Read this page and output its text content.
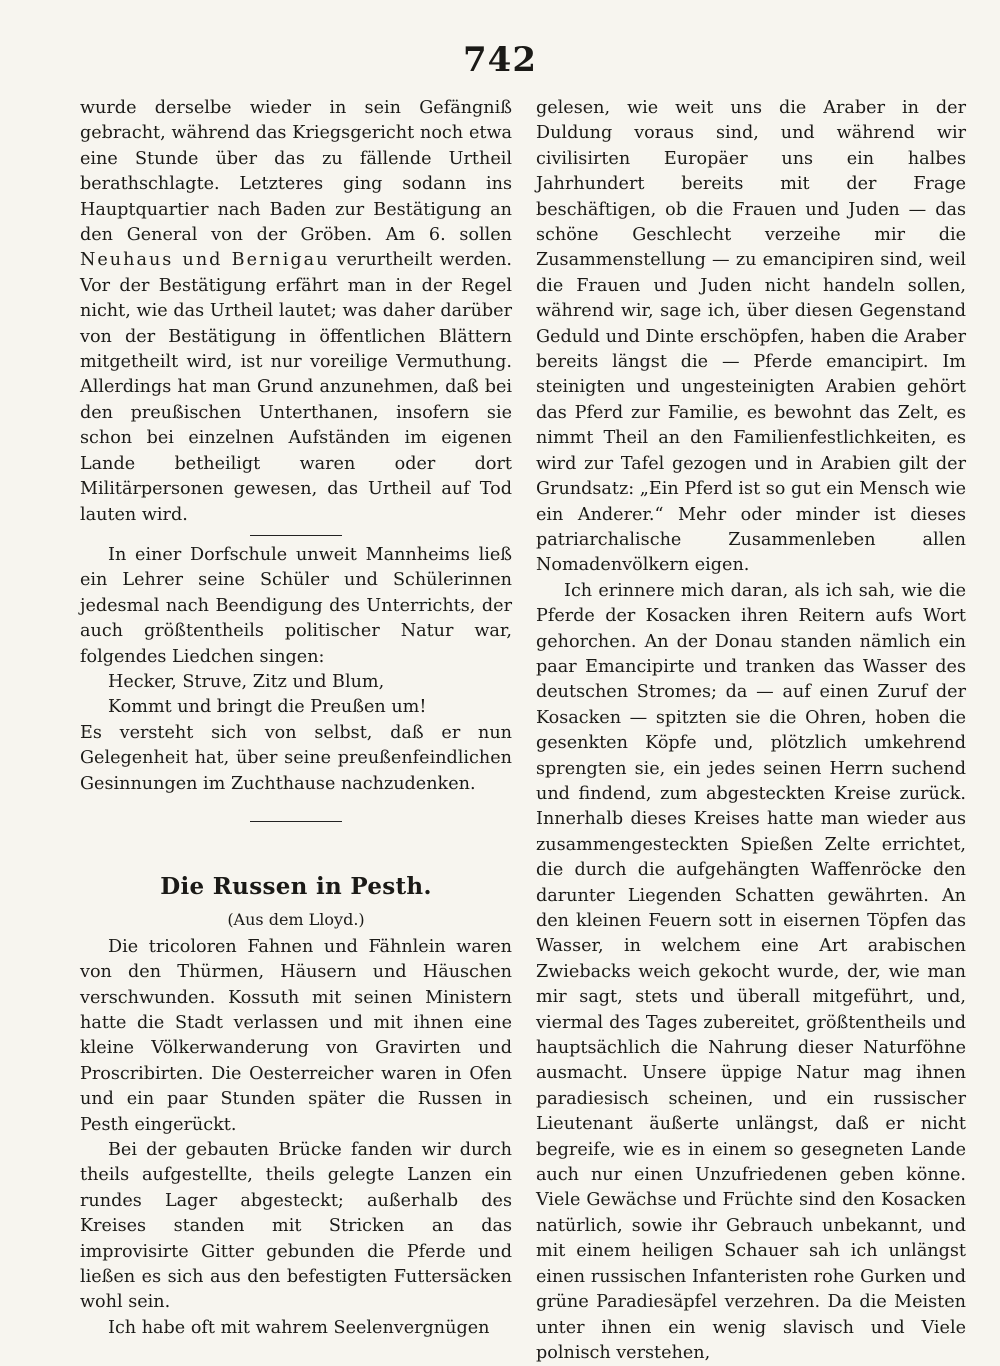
742

wurde derselbe wieder in sein Gefängniß gebracht, während das Kriegsgericht noch etwa eine Stunde über das zu fällende Urtheil berathschlagte. Letzteres ging sodann ins Hauptquartier nach Baden zur Bestätigung an den General von der Gröben. Am 6. sollen Neuhaus und Bernigau verurtheilt werden. Vor der Bestätigung erfährt man in der Regel nicht, wie das Urtheil lautet; was daher darüber von der Bestätigung in öffentlichen Blättern mitgetheilt wird, ist nur voreilige Vermuthung. Allerdings hat man Grund anzunehmen, daß bei den preußischen Unterthanen, insofern sie schon bei einzelnen Aufständen im eigenen Lande betheiligt waren oder dort Militärpersonen gewesen, das Urtheil auf Tod lauten wird.

In einer Dorfschule unweit Mannheims ließ ein Lehrer seine Schüler und Schülerinnen jedesmal nach Beendigung des Unterrichts, der auch größtentheils politischer Natur war, folgendes Liedchen singen:

Hecker, Struve, Zitz und Blum,

Kommt und bringt die Preußen um!

Es versteht sich von selbst, daß er nun Gelegenheit hat, über seine preußenfeindlichen Gesinnungen im Zuchthause nachzudenken.

Die Russen in Pesth.
(Aus dem Lloyd.)

Die tricoloren Fahnen und Fähnlein waren von den Thürmen, Häusern und Häuschen verschwunden. Kossuth mit seinen Ministern hatte die Stadt verlassen und mit ihnen eine kleine Völkerwanderung von Gravirten und Proscribirten. Die Oesterreicher waren in Ofen und ein paar Stunden später die Russen in Pesth eingerückt.

Bei der gebauten Brücke fanden wir durch theils aufgestellte, theils gelegte Lanzen ein rundes Lager abgesteckt; außerhalb des Kreises standen mit Stricken an das improvisirte Gitter gebunden die Pferde und ließen es sich aus den befestigten Futtersäcken wohl sein.

Ich habe oft mit wahrem Seelenvergnügen

gelesen, wie weit uns die Araber in der Duldung voraus sind, und während wir civilisirten Europäer uns ein halbes Jahrhundert bereits mit der Frage beschäftigen, ob die Frauen und Juden — das schöne Geschlecht verzeihe mir die Zusammenstellung — zu emancipiren sind, weil die Frauen und Juden nicht handeln sollen, während wir, sage ich, über diesen Gegenstand Geduld und Dinte erschöpfen, haben die Araber bereits längst die — Pferde emancipirt. Im steinigten und ungesteinigten Arabien gehört das Pferd zur Familie, es bewohnt das Zelt, es nimmt Theil an den Familienfestlichkeiten, es wird zur Tafel gezogen und in Arabien gilt der Grundsatz: „Ein Pferd ist so gut ein Mensch wie ein Anderer.“ Mehr oder minder ist dieses patriarchalische Zusammenleben allen Nomadenvölkern eigen.

Ich erinnere mich daran, als ich sah, wie die Pferde der Kosacken ihren Reitern aufs Wort gehorchen. An der Donau standen nämlich ein paar Emancipirte und tranken das Wasser des deutschen Stromes; da — auf einen Zuruf der Kosacken — spitzten sie die Ohren, hoben die gesenkten Köpfe und, plötzlich umkehrend sprengten sie, ein jedes seinen Herrn suchend und findend, zum abgesteckten Kreise zurück. Innerhalb dieses Kreises hatte man wieder aus zusammengesteckten Spießen Zelte errichtet, die durch die aufgehängten Waffenröcke den darunter Liegenden Schatten gewährten. An den kleinen Feuern sott in eisernen Töpfen das Wasser, in welchem eine Art arabischen Zwiebacks weich gekocht wurde, der, wie man mir sagt, stets und überall mitgeführt, und, viermal des Tages zubereitet, größtentheils und hauptsächlich die Nahrung dieser Naturföhne ausmacht. Unsere üppige Natur mag ihnen paradiesisch scheinen, und ein russischer Lieutenant äußerte unlängst, daß er nicht begreife, wie es in einem so gesegneten Lande auch nur einen Unzufriedenen geben könne. Viele Gewächse und Früchte sind den Kosacken natürlich, sowie ihr Gebrauch unbekannt, und mit einem heiligen Schauer sah ich unlängst einen russischen Infanteristen rohe Gurken und grüne Paradiesäpfel verzehren. Da die Meisten unter ihnen ein wenig slavisch und Viele polnisch verstehen,
